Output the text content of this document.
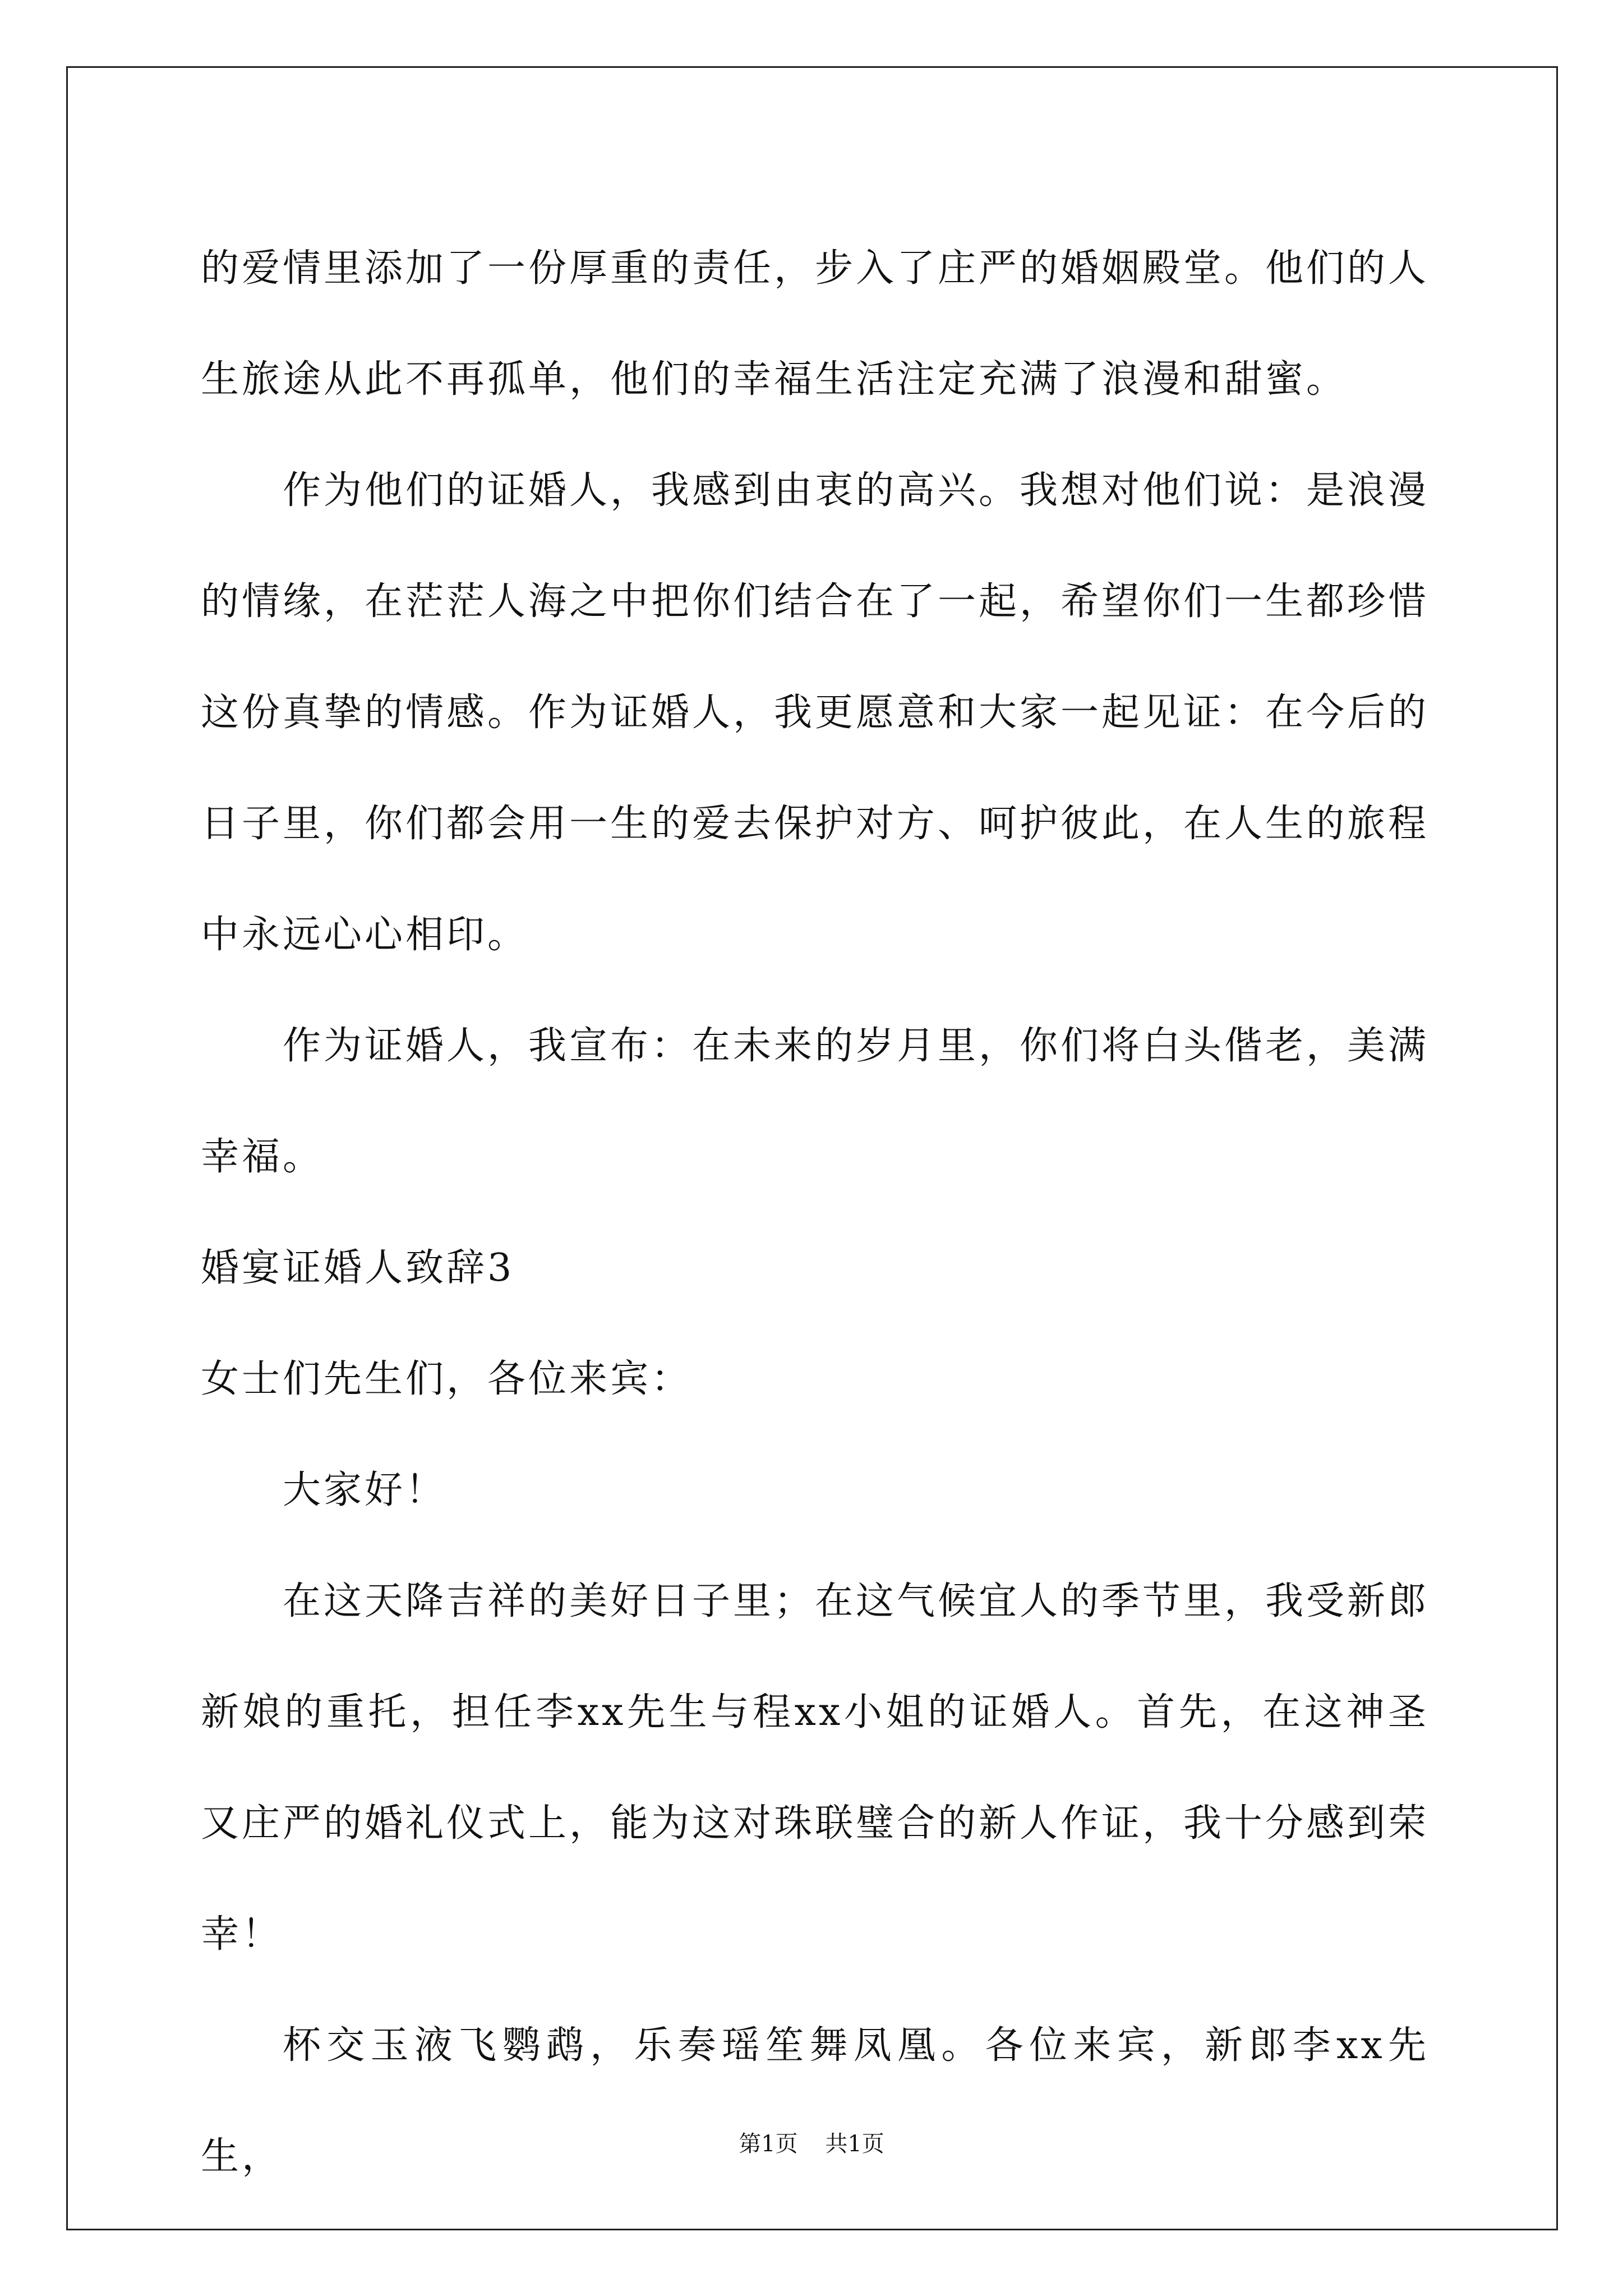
的爱情里添加了一份厚重的责任，步入了庄严的婚姻殿堂。他们的人生旅途从此不再孤单，他们的幸福生活注定充满了浪漫和甜蜜。

作为他们的证婚人，我感到由衷的高兴。我想对他们说：是浪漫的情缘，在茫茫人海之中把你们结合在了一起，希望你们一生都珍惜这份真挚的情感。作为证婚人，我更愿意和大家一起见证：在今后的日子里，你们都会用一生的爱去保护对方、呵护彼此，在人生的旅程中永远心心相印。

作为证婚人，我宣布：在未来的岁月里，你们将白头偕老，美满幸福。

婚宴证婚人致辞3

女士们先生们，各位来宾：

大家好！

在这天降吉祥的美好日子里；在这气候宜人的季节里，我受新郎新娘的重托，担任李xx先生与程xx小姐的证婚人。首先，在这神圣又庄严的婚礼仪式上，能为这对珠联璧合的新人作证，我十分感到荣幸！

杯交玉液飞鹦鹉，乐奏瑶笙舞凤凰。各位来宾，新郎李xx先生，	第1页 共1页
